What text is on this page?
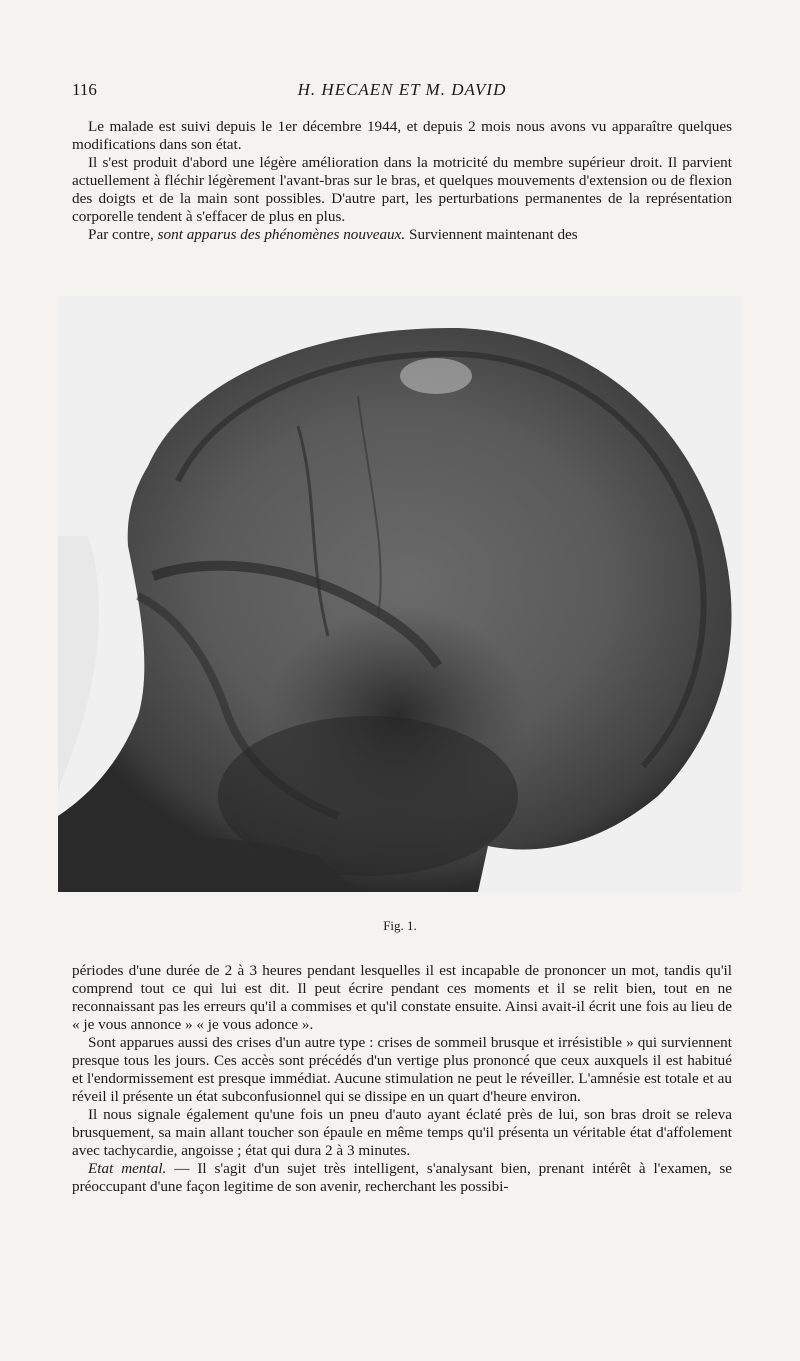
116	H. HECAEN ET M. DAVID

Le malade est suivi depuis le 1er décembre 1944, et depuis 2 mois nous avons vu apparaître quelques modifications dans son état.

Il s'est produit d'abord une légère amélioration dans la motricité du membre supérieur droit. Il parvient actuellement à fléchir légèrement l'avant-bras sur le bras, et quelques mouvements d'extension ou de flexion des doigts et de la main sont possibles. D'autre part, les perturbations permanentes de la représentation corporelle tendent à s'effacer de plus en plus.

Par contre, sont apparus des phénomènes nouveaux. Surviennent maintenant des

Fig. 1.

périodes d'une durée de 2 à 3 heures pendant lesquelles il est incapable de prononcer un mot, tandis qu'il comprend tout ce qui lui est dit. Il peut écrire pendant ces moments et il se relit bien, tout en ne reconnaissant pas les erreurs qu'il a commises et qu'il constate ensuite. Ainsi avait-il écrit une fois au lieu de « je vous annonce » « je vous adonce ».

Sont apparues aussi des crises d'un autre type : crises de sommeil brusque et irrésistible » qui surviennent presque tous les jours. Ces accès sont précédés d'un vertige plus prononcé que ceux auxquels il est habitué et l'endormissement est presque immédiat. Aucune stimulation ne peut le réveiller. L'amnésie est totale et au réveil il présente un état subconfusionnel qui se dissipe en un quart d'heure environ.

Il nous signale également qu'une fois un pneu d'auto ayant éclaté près de lui, son bras droit se releva brusquement, sa main allant toucher son épaule en même temps qu'il présenta un véritable état d'affolement avec tachycardie, angoisse ; état qui dura 2 à 3 minutes.

Etat mental. — Il s'agit d'un sujet très intelligent, s'analysant bien, prenant intérêt à l'examen, se préoccupant d'une façon legitime de son avenir, recherchant les possibi-
